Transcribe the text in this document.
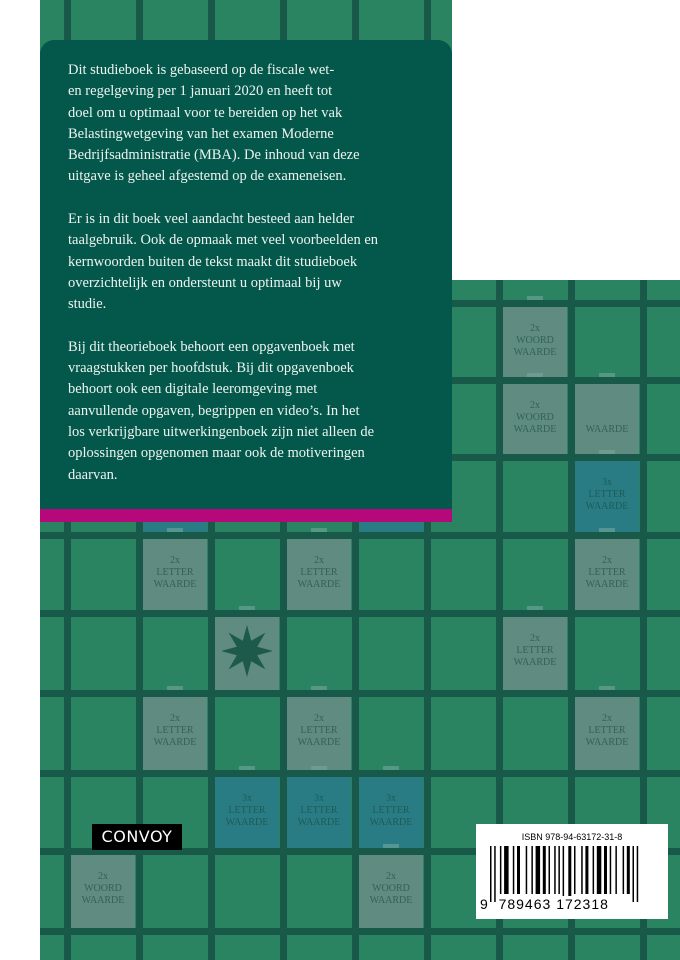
WAARDE
2x
WOORD
WAARDE
2x
WOORD
WAARDE
3x
LETTER
WAARDE
2x
LETTER
WAARDE
2x
LETTER
WAARDE
2x
LETTER
WAARDE
2x
LETTER
WAARDE
2x
LETTER
WAARDE
2x
LETTER
WAARDE
2x
LETTER
WAARDE
3x
LETTER
WAARDE
3x
LETTER
WAARDE
3x
LETTER
WAARDE
2x
WOORD
WAARDE
2x
WOORD
WAARDE

Dit studieboek is gebaseerd op de fiscale wet-
en regelgeving per 1 januari 2020 en heeft tot
doel om u optimaal voor te bereiden op het vak
Belastingwetgeving van het examen Moderne
Bedrijfsadministratie (MBA). De inhoud van deze
uitgave is geheel afgestemd op de exameneisen.

Er is in dit boek veel aandacht besteed aan helder
taalgebruik. Ook de opmaak met veel voorbeelden en
kernwoorden buiten de tekst maakt dit studieboek
overzichtelijk en ondersteunt u optimaal bij uw
studie.

Bij dit theorieboek behoort een opgavenboek met
vraagstukken per hoofdstuk. Bij dit opgavenboek
behoort ook een digitale leeromgeving met
aanvullende opgaven, begrippen en video’s. In het
los verkrijgbare uitwerkingenboek zijn niet alleen de
oplossingen opgenomen maar ook de motiveringen
daarvan.

CONVOY	ISBN 978-94-63172-31-8
9 789463 172318
